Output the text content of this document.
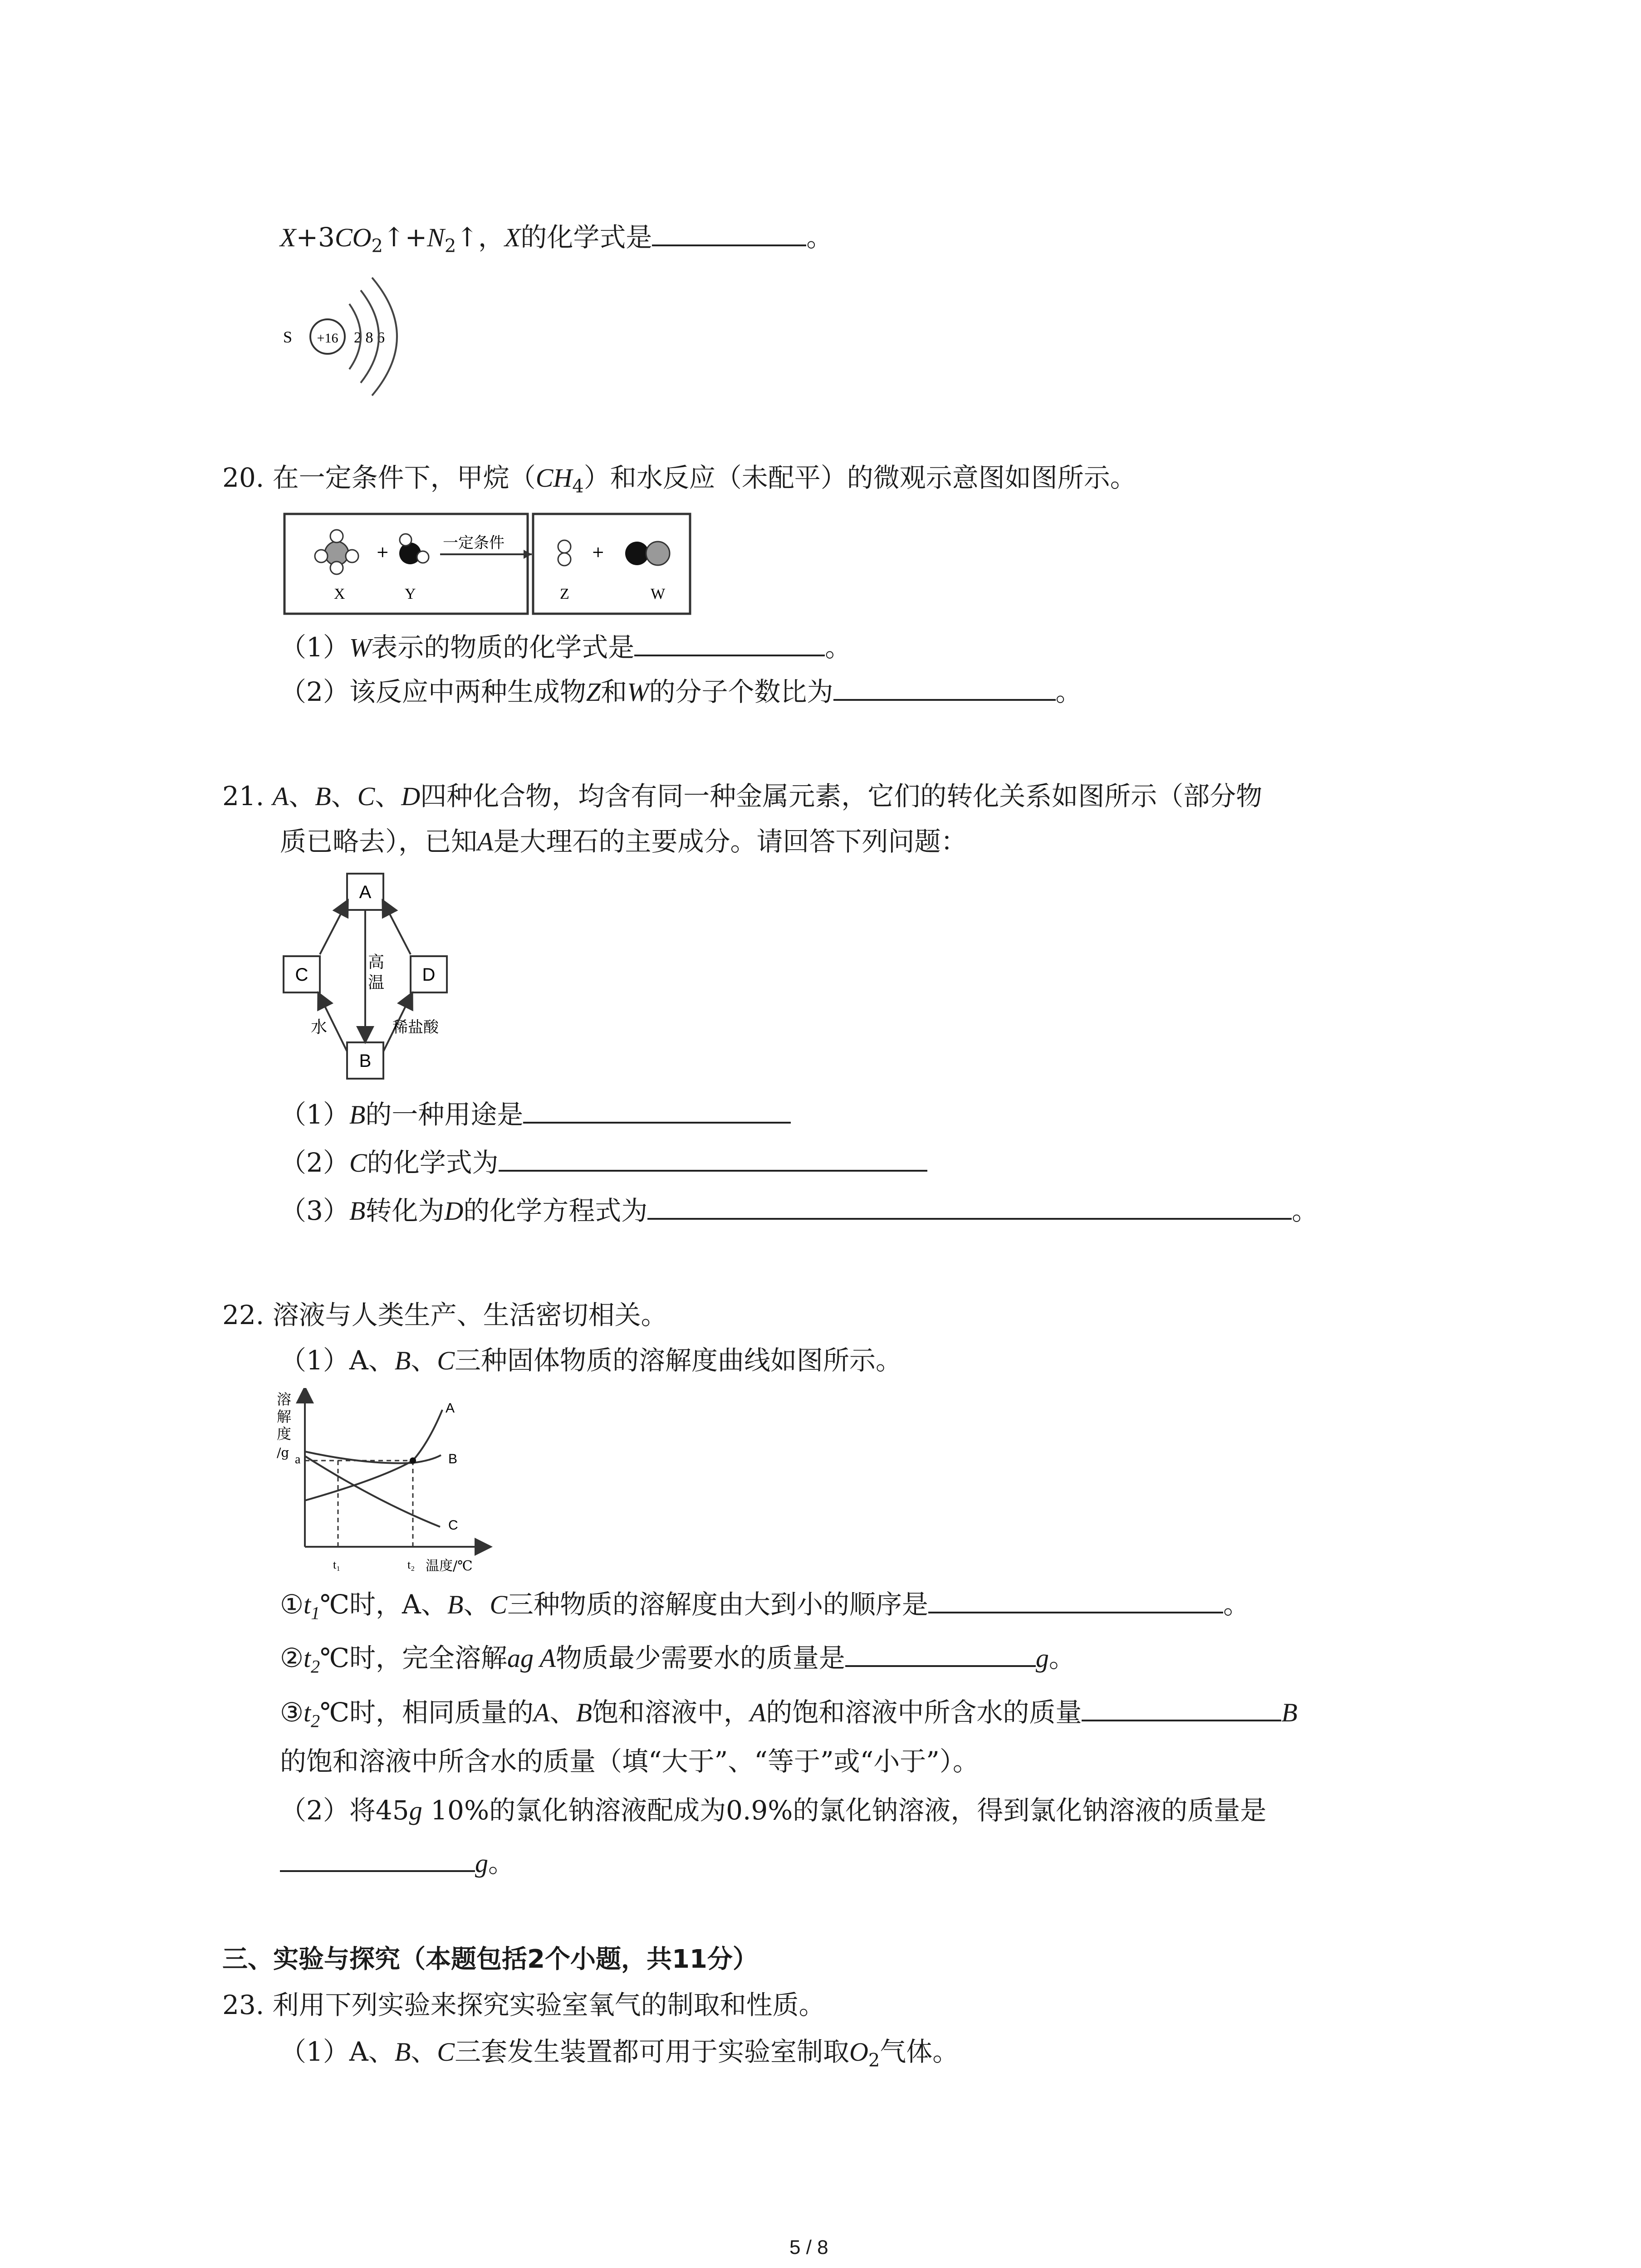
$X+3CO_2↑+N_2↑$，X的化学式是	。
S +16 2 8 6
20. 在一定条件下，甲烷$(CH_4)$和水反应（未配平）的微观示意图如图所示。
+
X	Y
一定条件	+
Z	W
（1）W表示的物质的化学式是	。
（2）该反应中两种生成物Z和W的分子个数比为	。
21. A、B、C、D四种化合物，均含有同一种金属元素，它们的转化关系如图所示（部分物
质已略去），已知A是大理石的主要成分。请回答下列问题：
A
C	D
B
高
温
水	稀盐酸
（1）B的一种用途是
（2）C的化学式为
（3）B转化为D的化学方程式为	。
22. 溶液与人类生产、生活密切相关。
（1）A、B、C三种固体物质的溶解度曲线如图所示。
溶
解
度
/g a
A
B
C
t₁	t₂ 温度/℃
$①t_1℃$时，A、B、C三种物质的溶解度由大到小的顺序是	。
$②t_2℃$时，完全溶解ag A物质最少需要水的质量是	g。
$③t_2℃$时，相同质量的A、B饱和溶液中，A的饱和溶液中所含水的质量	B
的饱和溶液中所含水的质量（填“大于”、“等于”或“小于”）。
（2）将45g 10%的氯化钠溶液配成为0.9%的氯化钠溶液，得到氯化钠溶液的质量是
g。
三、实验与探究（本题包括2个小题，共11分）
23. 利用下列实验来探究实验室氧气的制取和性质。
（1）A、B、C三套发生装置都可用于实验室制取$O_2$气体。
5 / 8
